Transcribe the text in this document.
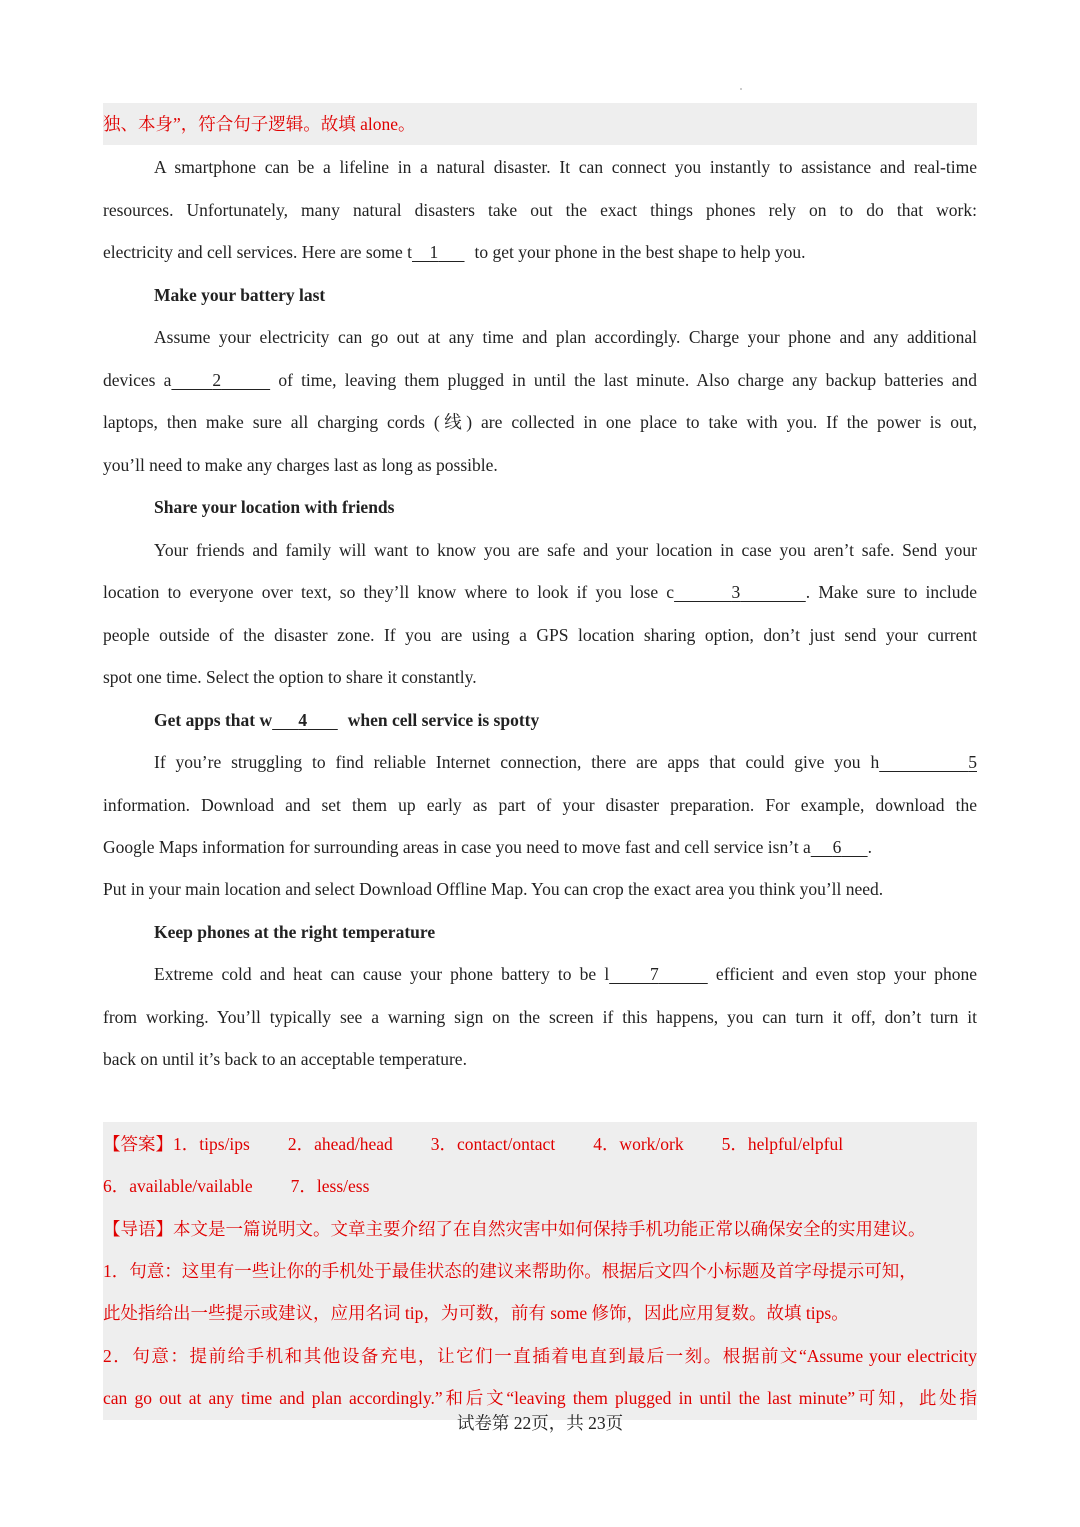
独、本身”，符合句子逻辑。故填 alone。
A smartphone can be a lifeline in a natural disaster. It can connect you instantly to assistance and real-time
resources. Unfortunately, many natural disasters take out the exact things phones rely on to do that work:
electricity and cell services. Here are some t 1 to get your phone in the best shape to help you.
Make your battery last
Assume your electricity can go out at any time and plan accordingly. Charge your phone and any additional
devices a 2	of time, leaving them plugged in until the last minute. Also charge any backup batteries and
laptops, then make sure all charging cords (线) are collected in one place to take with you. If the power is out,
you’ll need to make any charges last as long as possible.
Share your location with friends
Your friends and family will want to know you are safe and your location in case you aren’t safe. Send your
location to everyone over text, so they’ll know where to look if you lose c	3	. Make sure to include
people outside of the disaster zone. If you are using a GPS location sharing option, don’t just send your current
spot one time. Select the option to share it constantly.
Get apps that w 4 when cell service is spotty
If you’re struggling to find reliable Internet connection, there are apps that could give you h	5
information. Download and set them up early as part of your disaster preparation. For example, download the
Google Maps information for surrounding areas in case you need to move fast and cell service isn’t a 6 .
Put in your main location and select Download Offline Map. You can crop the exact area you think you’ll need.
Keep phones at the right temperature
Extreme cold and heat can cause your phone battery to be l 7	efficient and even stop your phone
from working. You’ll typically see a warning sign on the screen if this happens, you can turn it off, don’t turn it
back on until it’s back to an acceptable temperature.
【答案】1．tips/ips 2．ahead/head 3．contact/ontact 4．work/ork 5．helpful/elpful
6．available/vailable 7．less/ess
【导语】本文是一篇说明文。文章主要介绍了在自然灾害中如何保持手机功能正常以确保安全的实用建议。
1．句意：这里有一些让你的手机处于最佳状态的建议来帮助你。根据后文四个小标题及首字母提示可知，
此处指给出一些提示或建议，应用名词 tip，为可数，前有 some 修饰，因此应用复数。故填 tips。
2．句意：提前给手机和其他设备充电，让它们一直插着电直到最后一刻。根据前文“Assume your electricity
can go out at any time and plan accordingly.”和后文“leaving them plugged in until the last minute”可知，此处指
试卷第 22页，共 23页
